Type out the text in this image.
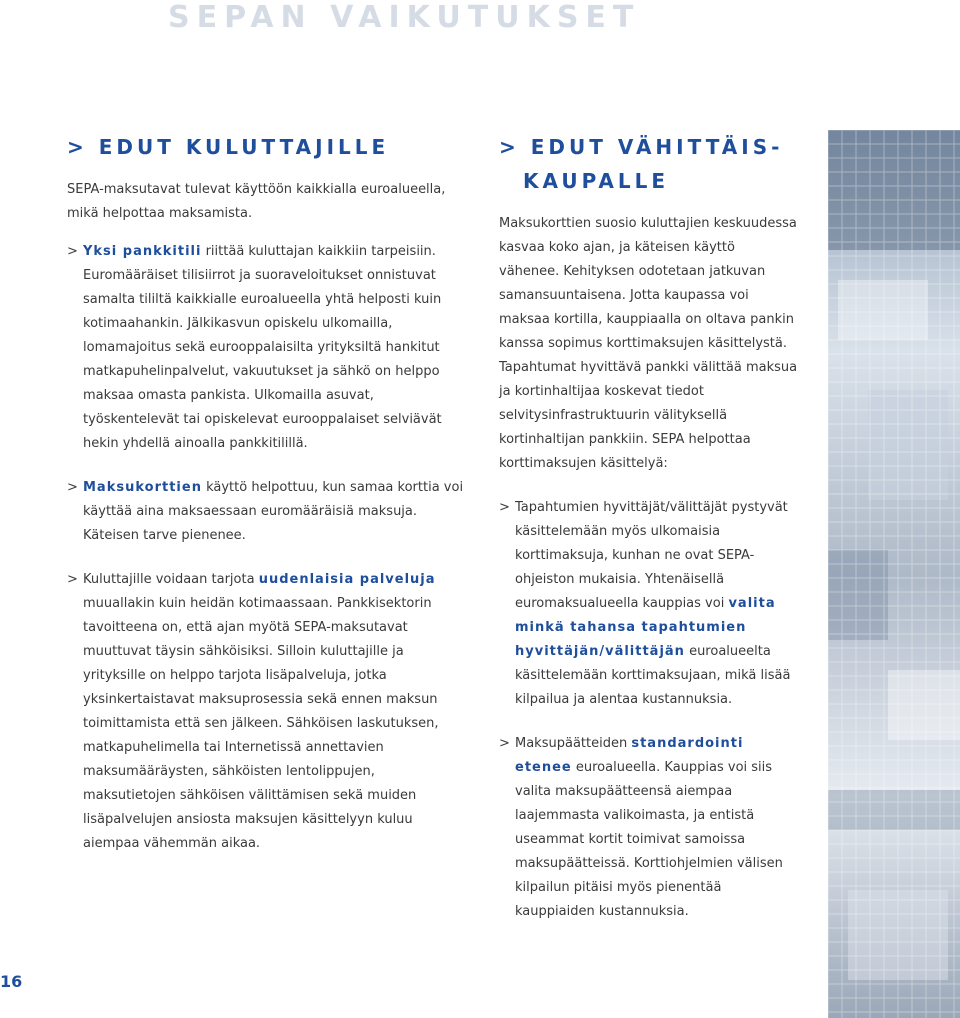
SEPAN VAIKUTUKSET
> EDUT KULUTTAJILLE

SEPA-maksutavat tulevat käyttöön kaikkialla euroalueella, mikä helpottaa maksamista.

> Yksi pankkitili riittää kuluttajan kaikkiin tarpeisiin. Euromääräiset tilisiirrot ja suoraveloitukset onnistuvat samalta tililtä kaikkialle euroalueella yhtä helposti kuin kotimaahankin. Jälkikasvun opiskelu ulkomailla, lomamajoitus sekä eurooppalaisilta yrityksiltä hankitut matkapuhelinpalvelut, vakuutukset ja sähkö on helppo maksaa omasta pankista. Ulkomailla asuvat, työskentelevät tai opiskelevat eurooppalaiset selviävät hekin yhdellä ainoalla pankkitilillä.
> Maksukorttien käyttö helpottuu, kun samaa korttia voi käyttää aina maksaessaan euromääräisiä maksuja. Käteisen tarve pienenee.
> Kuluttajille voidaan tarjota uudenlaisia palveluja muuallakin kuin heidän kotimaassaan. Pankkisektorin tavoitteena on, että ajan myötä SEPA-maksutavat muuttuvat täysin sähköisiksi. Silloin kuluttajille ja yrityksille on helppo tarjota lisäpalveluja, jotka yksinkertaistavat maksuprosessia sekä ennen maksun toimittamista että sen jälkeen. Sähköisen laskutuksen, matkapuhelimella tai Internetissä annettavien maksumääräysten, sähköisten lentolippujen, maksutietojen sähköisen välittämisen sekä muiden lisäpalvelujen ansiosta maksujen käsittelyyn kuluu aiempaa vähemmän aikaa.
> EDUT VÄHITTÄIS-
KAUPALLE

Maksukorttien suosio kuluttajien keskuudessa kasvaa koko ajan, ja käteisen käyttö vähenee. Kehityksen odotetaan jatkuvan samansuuntaisena. Jotta kaupassa voi maksaa kortilla, kauppiaalla on oltava pankin kanssa sopimus korttimaksujen käsittelystä. Tapahtumat hyvittävä pankki välittää maksua ja kortinhaltijaa koskevat tiedot selvitysinfrastruktuurin välityksellä kortinhaltijan pankkiin. SEPA helpottaa korttimaksujen käsittelyä:

> Tapahtumien hyvittäjät/välittäjät pystyvät käsittelemään myös ulkomaisia korttimaksuja, kunhan ne ovat SEPA-ohjeiston mukaisia. Yhtenäisellä euromaksualueella kauppias voi valita minkä tahansa tapahtumien hyvittäjän/välittäjän euroalueelta käsittelemään korttimaksujaan, mikä lisää kilpailua ja alentaa kustannuksia.
> Maksupäätteiden standardointi etenee euroalueella. Kauppias voi siis valita maksupäätteensä aiempaa laajemmasta valikoimasta, ja entistä useammat kortit toimivat samoissa maksupäätteissä. Korttiohjelmien välisen kilpailun pitäisi myös pienentää kauppiaiden kustannuksia.
16
